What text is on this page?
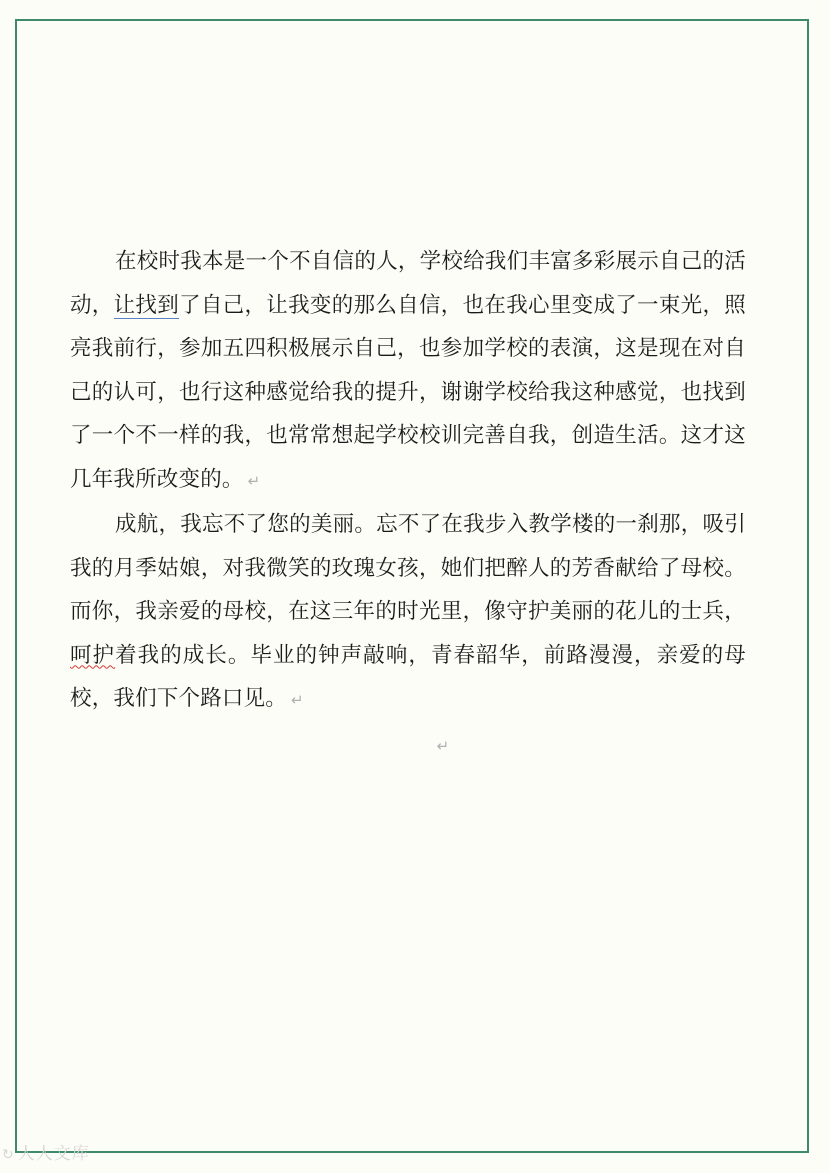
在校时我本是一个不自信的人，学校给我们丰富多彩展示自己的活动，让找到了自己，让我变的那么自信，也在我心里变成了一束光，照亮我前行，参加五四积极展示自己，也参加学校的表演，这是现在对自己的认可，也行这种感觉给我的提升，谢谢学校给我这种感觉，也找到了一个不一样的我，也常常想起学校校训完善自我，创造生活。这才这几年我所改变的。 ↵

成航，我忘不了您的美丽。忘不了在我步入教学楼的一刹那，吸引我的月季姑娘，对我微笑的玫瑰女孩，她们把醉人的芳香献给了母校。而你，我亲爱的母校，在这三年的时光里，像守护美丽的花儿的士兵，呵护着我的成长。毕业的钟声敲响，青春韶华，前路漫漫，亲爱的母校，我们下个路口见。 ↵

↵
↻ 人人文库
